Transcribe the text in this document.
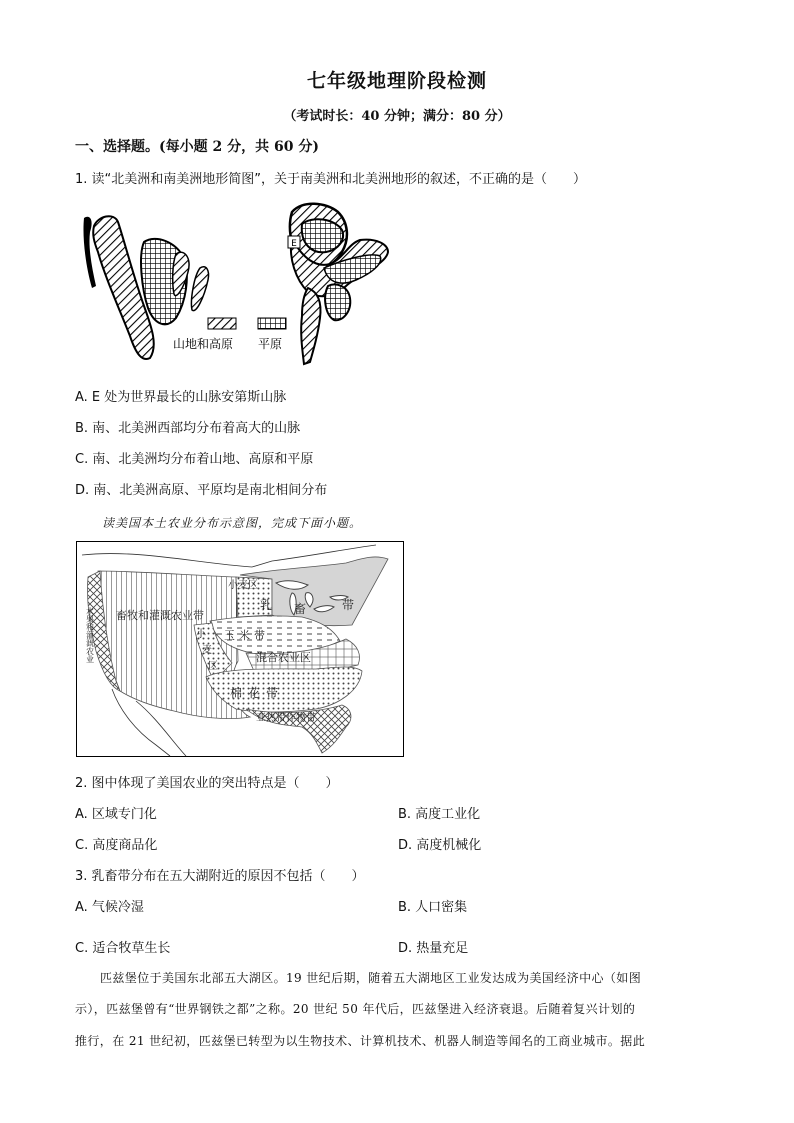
七年级地理阶段检测
（考试时长：40 分钟；满分：80 分）
一、选择题。(每小题 2 分，共 60 分)
1. 读“北美洲和南美洲地形简图”，关于南美洲和北美洲地形的叙述，不正确的是（　　）
E
山地和高原 平原
A. E 处为世界最长的山脉安第斯山脉
B. 南、北美洲西部均分布着高大的山脉
C. 南、北美洲均分布着山地、高原和平原
D. 南、北美洲高原、平原均是南北相间分布
读美国本土农业分布示意图，完成下面小题。
畜牧和灌溉农业带
小麦区
乳 畜	带
玉米带
小
麦
区
混合农业区
棉花带
亚热带作物带
水果和灌溉农业
2. 图中体现了美国农业的突出特点是（　　）
A. 区域专门化	B. 高度工业化
C. 高度商品化	D. 高度机械化
3. 乳畜带分布在五大湖附近的原因不包括（　　）
A. 气候冷湿	B. 人口密集
C. 适合牧草生长	D. 热量充足
匹兹堡位于美国东北部五大湖区。19 世纪后期，随着五大湖地区工业发达成为美国经济中心（如图
示），匹兹堡曾有“世界钢铁之都”之称。20 世纪 50 年代后，匹兹堡进入经济衰退。后随着复兴计划的
推行，在 21 世纪初，匹兹堡已转型为以生物技术、计算机技术、机器人制造等闻名的工商业城市。据此
